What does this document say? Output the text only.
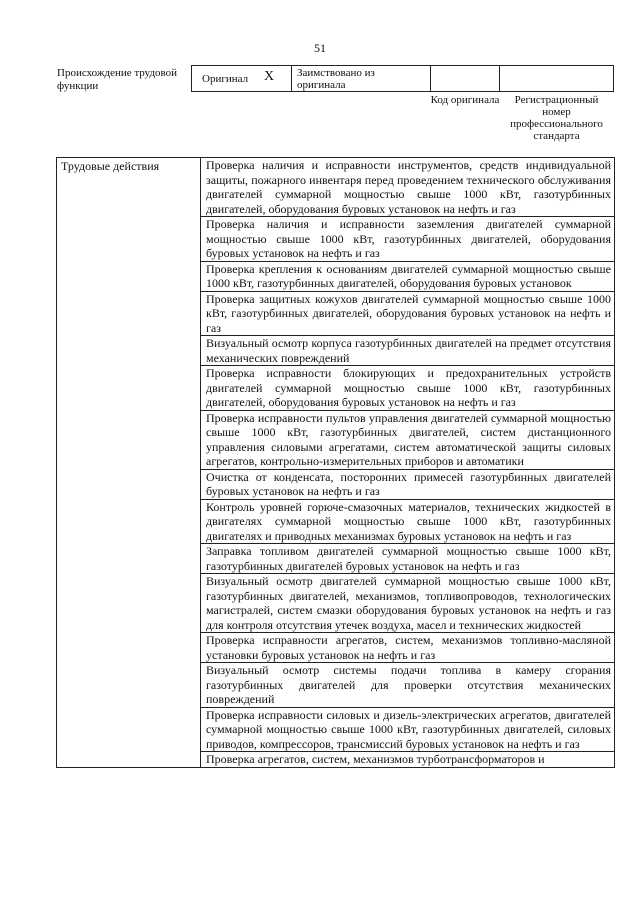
51
Происхождение трудовой функции
Оригинал X	Заимствовано из оригинала
Код оригинала	Регистрационный номер профессионального стандарта
Трудовые действия	Проверка наличия и исправности инструментов, средств индивидуальной защиты, пожарного инвентаря перед проведением технического обслуживания двигателей суммарной мощностью свыше 1000 кВт, газотурбинных двигателей, оборудования буровых установок на нефть и газ
Проверка наличия и исправности заземления двигателей суммарной мощностью свыше 1000 кВт, газотурбинных двигателей, оборудования буровых установок на нефть и газ
Проверка крепления к основаниям двигателей суммарной мощностью свыше 1000 кВт, газотурбинных двигателей, оборудования буровых установок
Проверка защитных кожухов двигателей суммарной мощностью свыше 1000 кВт, газотурбинных двигателей, оборудования буровых установок на нефть и газ
Визуальный осмотр корпуса газотурбинных двигателей на предмет отсутствия механических повреждений
Проверка исправности блокирующих и предохранительных устройств двигателей суммарной мощностью свыше 1000 кВт, газотурбинных двигателей, оборудования буровых установок на нефть и газ
Проверка исправности пультов управления двигателей суммарной мощностью свыше 1000 кВт, газотурбинных двигателей, систем дистанционного управления силовыми агрегатами, систем автоматической защиты силовых агрегатов, контрольно-измерительных приборов и автоматики
Очистка от конденсата, посторонних примесей газотурбинных двигателей буровых установок на нефть и газ
Контроль уровней горюче-смазочных материалов, технических жидкостей в двигателях суммарной мощностью свыше 1000 кВт, газотурбинных двигателях и приводных механизмах буровых установок на нефть и газ
Заправка топливом двигателей суммарной мощностью свыше 1000 кВт, газотурбинных двигателей буровых установок на нефть и газ
Визуальный осмотр двигателей суммарной мощностью свыше 1000 кВт, газотурбинных двигателей, механизмов, топливопроводов, технологических магистралей, систем смазки оборудования буровых установок на нефть и газ для контроля отсутствия утечек воздуха, масел и технических жидкостей
Проверка исправности агрегатов, систем, механизмов топливно-масляной установки буровых установок на нефть и газ
Визуальный осмотр системы подачи топлива в камеру сгорания газотурбинных двигателей для проверки отсутствия механических повреждений
Проверка исправности силовых и дизель-электрических агрегатов, двигателей суммарной мощностью свыше 1000 кВт, газотурбинных двигателей, силовых приводов, компрессоров, трансмиссий буровых установок на нефть и газ
Проверка агрегатов, систем, механизмов турботрансформаторов и
